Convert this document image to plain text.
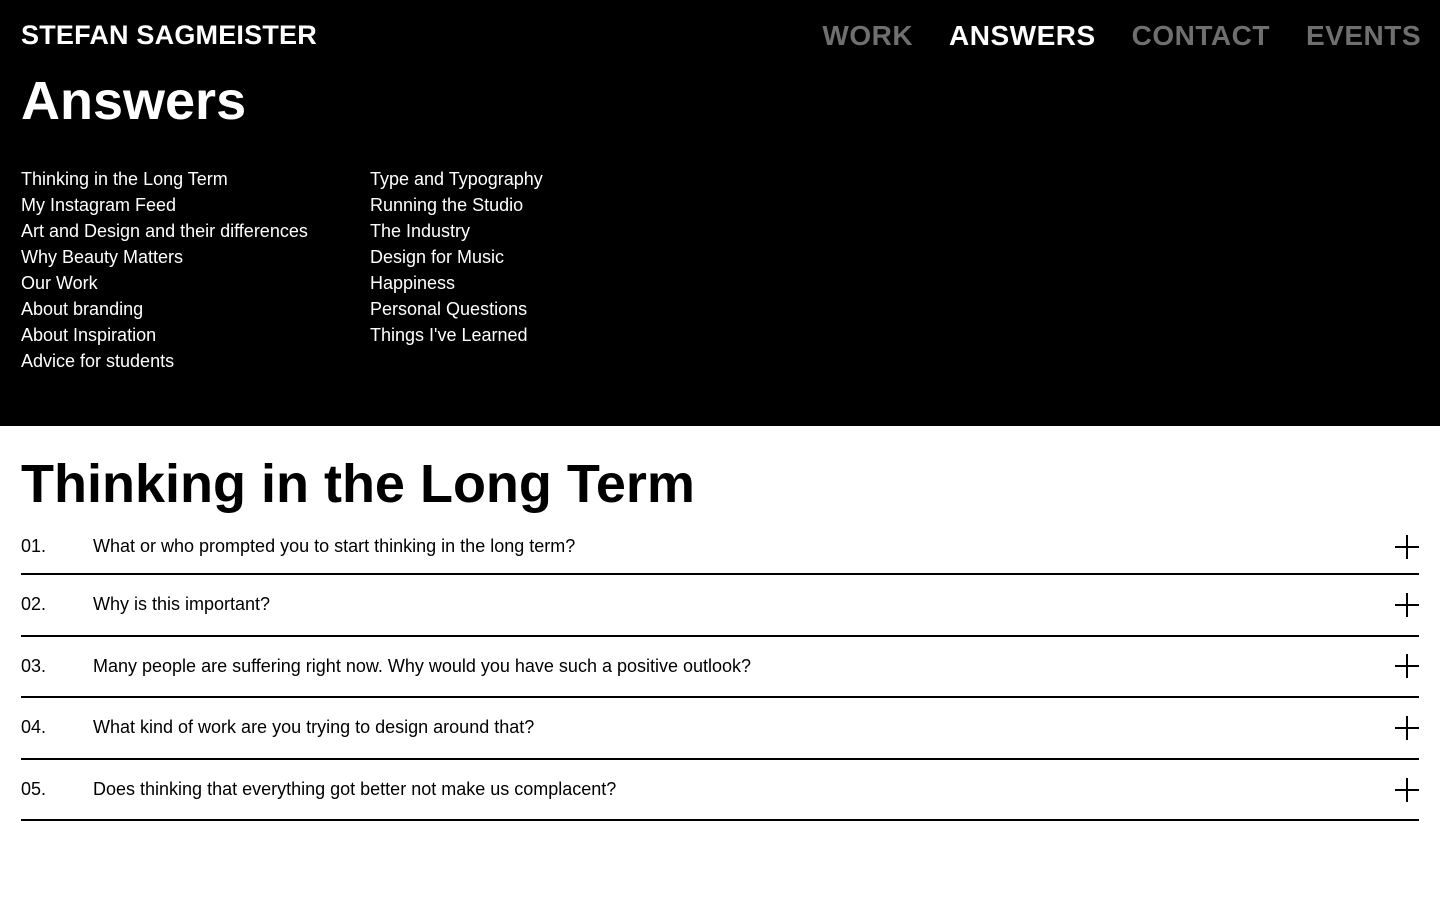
STEFAN SAGMEISTER	WORK ANSWERS CONTACT EVENTS
Answers
Thinking in the Long Term
My Instagram Feed
Art and Design and their differences
Why Beauty Matters
Our Work
About branding
About Inspiration
Advice for students
Type and Typography
Running the Studio
The Industry
Design for Music
Happiness
Personal Questions
Things I've Learned
Thinking in the Long Term
01.	What or who prompted you to start thinking in the long term?
02.	Why is this important?
03.	Many people are suffering right now. Why would you have such a positive outlook?
04.	What kind of work are you trying to design around that?
05.	Does thinking that everything got better not make us complacent?
